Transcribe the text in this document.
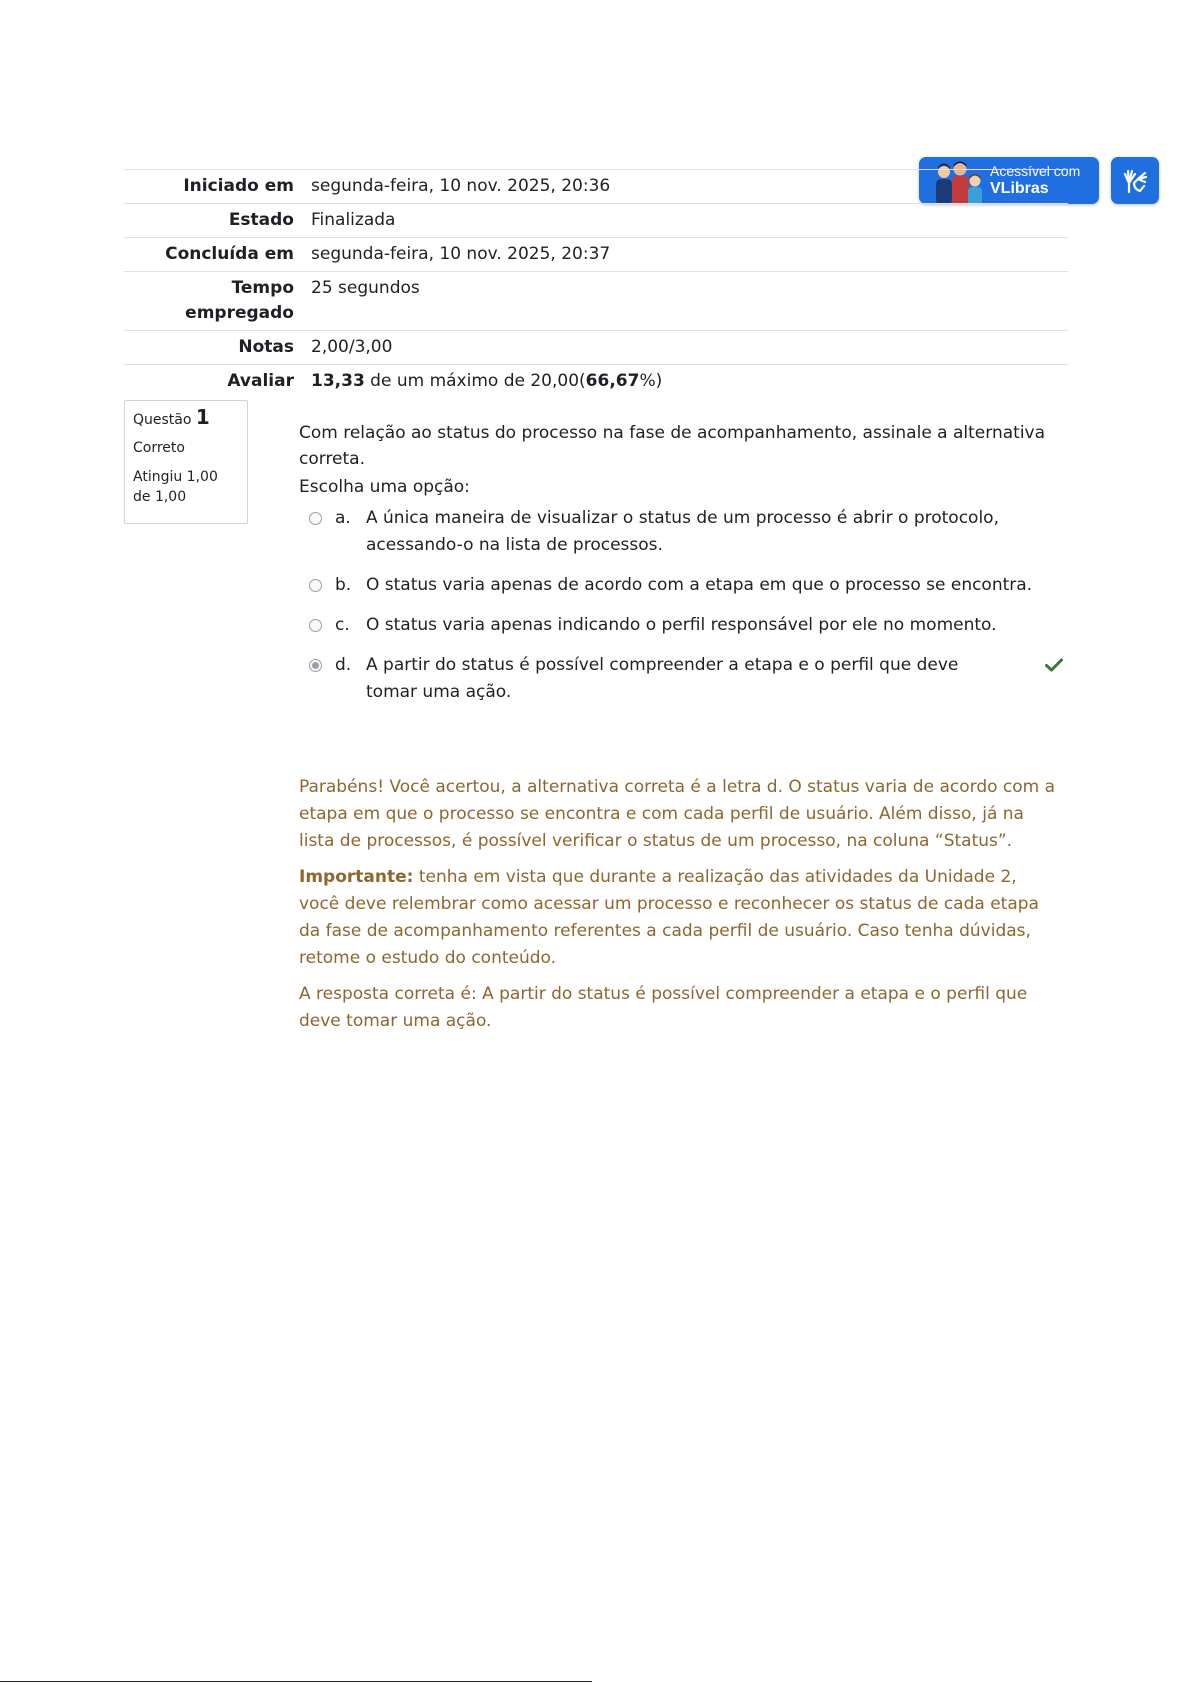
Acessível com
VLibras
Iniciado em	segunda-feira, 10 nov. 2025, 20:36
Estado	Finalizada
Concluída em	segunda-feira, 10 nov. 2025, 20:37
Tempo empregado	25 segundos
Notas	2,00/3,00
Avaliar	13,33 de um máximo de 20,00(66,67%)
Questão 1
Correto
Atingiu 1,00 de 1,00
Com relação ao status do processo na fase de acompanhamento, assinale a alternativa correta.
Escolha uma opção:
a. A única maneira de visualizar o status de um processo é abrir o protocolo, acessando-o na lista de processos.
b. O status varia apenas de acordo com a etapa em que o processo se encontra.
c. O status varia apenas indicando o perfil responsável por ele no momento.
d. A partir do status é possível compreender a etapa e o perfil que deve tomar uma ação.

Parabéns! Você acertou, a alternativa correta é a letra d. O status varia de acordo com a etapa em que o processo se encontra e com cada perfil de usuário. Além disso, já na lista de processos, é possível verificar o status de um processo, na coluna “Status”.

Importante: tenha em vista que durante a realização das atividades da Unidade 2, você deve relembrar como acessar um processo e reconhecer os status de cada etapa da fase de acompanhamento referentes a cada perfil de usuário. Caso tenha dúvidas, retome o estudo do conteúdo.

A resposta correta é: A partir do status é possível compreender a etapa e o perfil que deve tomar uma ação.
